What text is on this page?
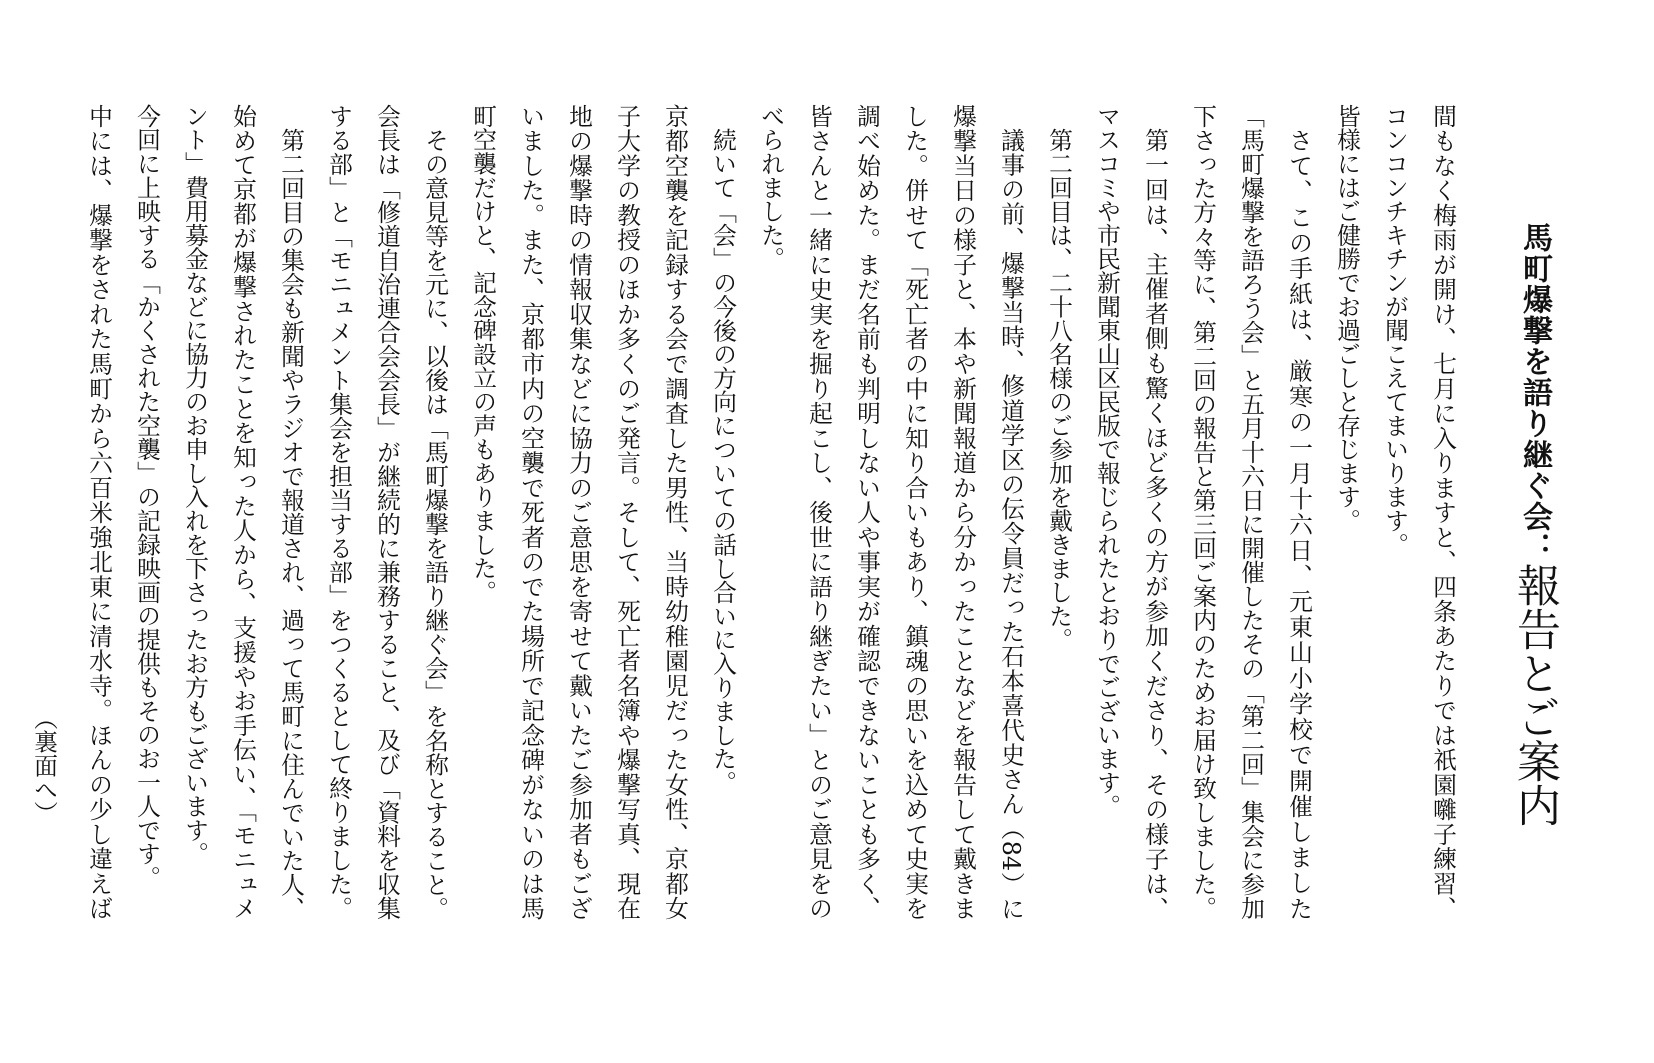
馬町爆撃を語り継ぐ会：報告とご案内
間もなく梅雨が開け、七月に入りますと、四条あたりでは祇園囃子練習、
コンコンチキチンが聞こえてまいります。
皆様にはご健勝でお過ごしと存じます。
さて、この手紙は、厳寒の一月十六日、元東山小学校で開催しました
「馬町爆撃を語ろう会」と五月十六日に開催したその「第二回」集会に参加
下さった方々等に、第二回の報告と第三回ご案内のためお届け致しました。
第一回は、主催者側も驚くほど多くの方が参加くださり、その様子は、
マスコミや市民新聞東山区民版で報じられたとおりでございます。
第二回目は、二十八名様のご参加を戴きました。
議事の前、爆撃当時、修道学区の伝令員だった石本喜代史さん（84）に
爆撃当日の様子と、本や新聞報道から分かったことなどを報告して戴きま
した。併せて「死亡者の中に知り合いもあり、鎮魂の思いを込めて史実を
調べ始めた。まだ名前も判明しない人や事実が確認できないことも多く、
皆さんと一緒に史実を掘り起こし、後世に語り継ぎたい」とのご意見をの
べられました。
続いて「会」の今後の方向についての話し合いに入りました。
京都空襲を記録する会で調査した男性、当時幼稚園児だった女性、京都女
子大学の教授のほか多くのご発言。そして、死亡者名簿や爆撃写真、現在
地の爆撃時の情報収集などに協力のご意思を寄せて戴いたご参加者もござ
いました。また、京都市内の空襲で死者のでた場所で記念碑がないのは馬
町空襲だけと、記念碑設立の声もありました。
その意見等を元に、以後は「馬町爆撃を語り継ぐ会」を名称とすること。
会長は「修道自治連合会会長」が継続的に兼務すること、及び「資料を収集
する部」と「モニュメント集会を担当する部」をつくるとして終りました。
第二回目の集会も新聞やラジオで報道され、過って馬町に住んでいた人、
始めて京都が爆撃されたことを知った人から、支援やお手伝い、「モニュメ
ント」費用募金などに協力のお申し入れを下さったお方もございます。
今回に上映する「かくされた空襲」の記録映画の提供もそのお一人です。
中には、爆撃をされた馬町から六百米強北東に清水寺。ほんの少し違えば
（裏面へ）
